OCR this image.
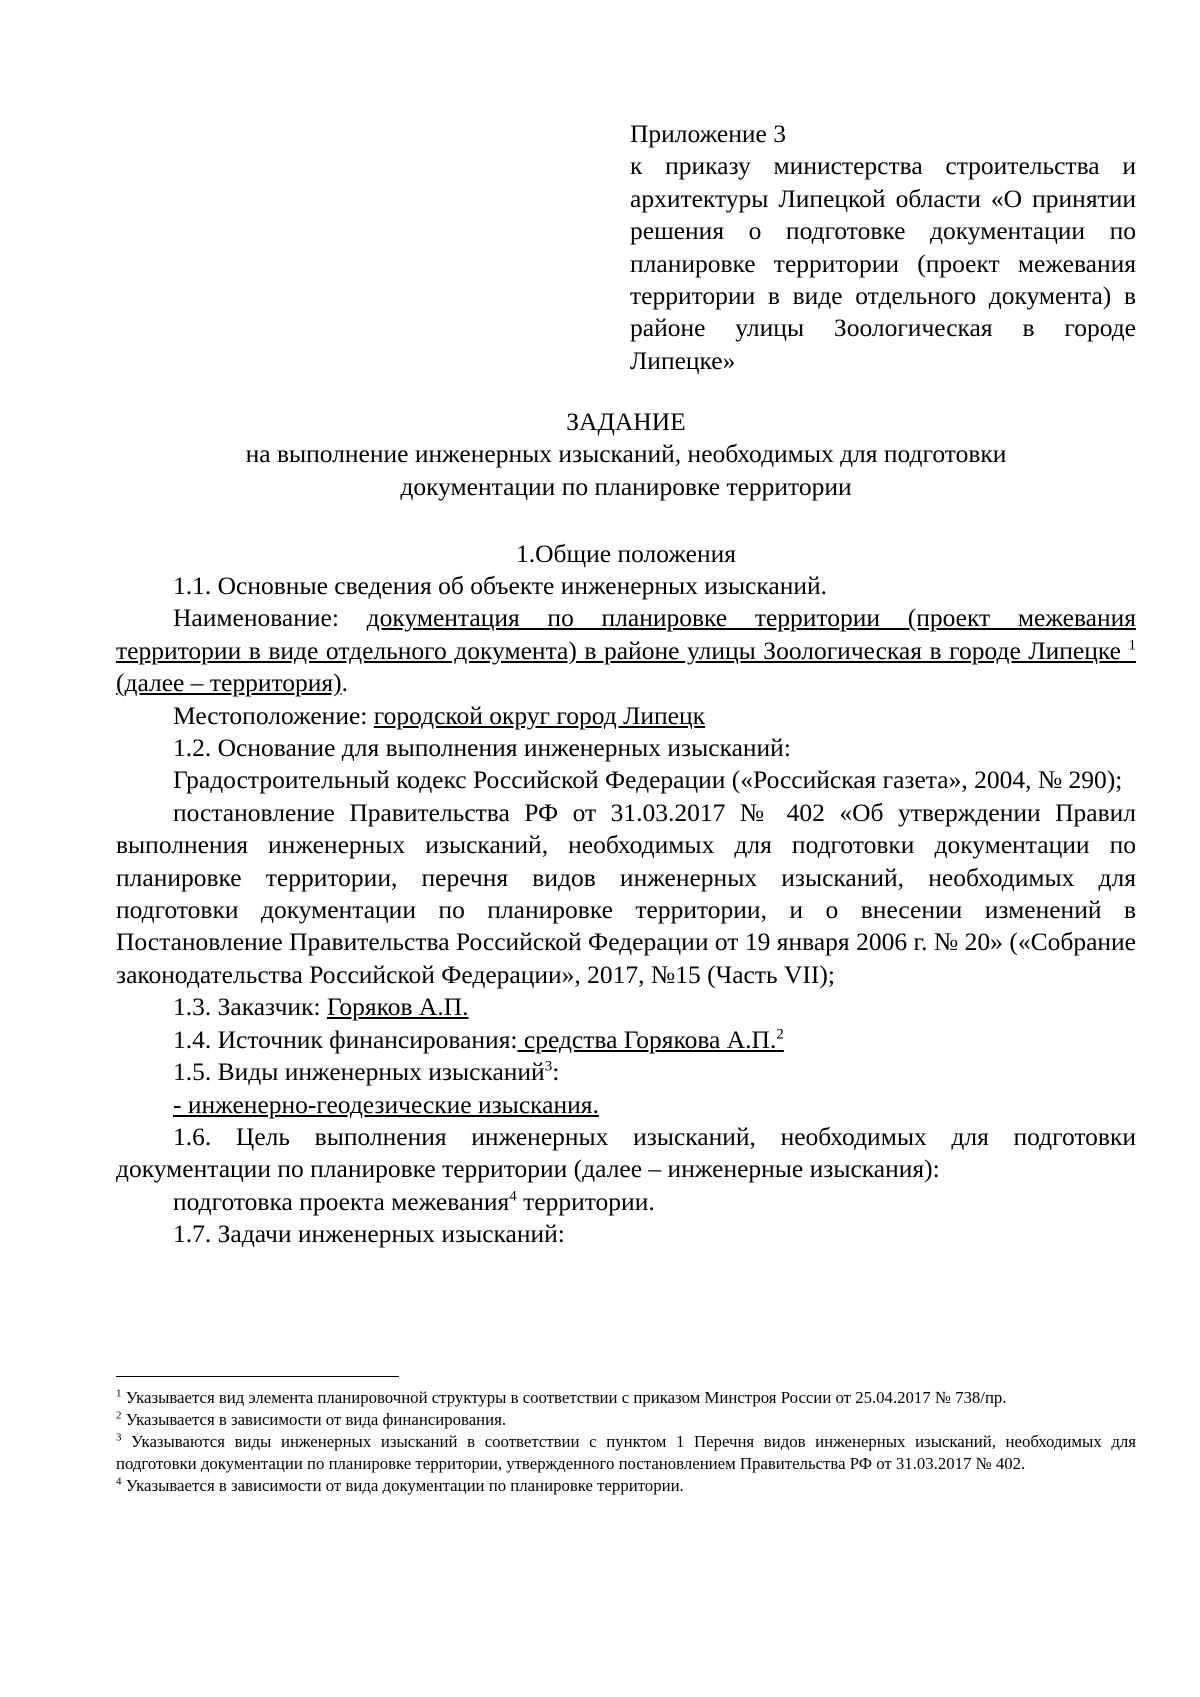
Приложение 3
к приказу министерства строительства и архитектуры Липецкой области «О принятии решения о подготовке документации по планировке территории (проект межевания территории в виде отдельного документа) в районе улицы Зоологическая в городе Липецке»
ЗАДАНИЕ
на выполнение инженерных изысканий, необходимых для подготовки
документации по планировке территории
1.Общие положения

1.1. Основные сведения об объекте инженерных изысканий.

Наименование: документация по планировке территории (проект межевания территории в виде отдельного документа) в районе улицы Зоологическая в городе Липецке $^1$ (далее – территория).

Местоположение: городской округ город Липецк

1.2. Основание для выполнения инженерных изысканий:

Градостроительный кодекс Российской Федерации («Российская газета», 2004, № 290);

постановление Правительства РФ от 31.03.2017 № 402 «Об утверждении Правил выполнения инженерных изысканий, необходимых для подготовки документации по планировке территории, перечня видов инженерных изысканий, необходимых для подготовки документации по планировке территории, и о внесении изменений в Постановление Правительства Российской Федерации от 19 января 2006 г. № 20» («Собрание законодательства Российской Федерации», 2017, №15 (Часть VII);

1.3. Заказчик: Горяков А.П.

1.4. Источник финансирования: средства Горякова А.П.$^2$

1.5. Виды инженерных изысканий$^3$:

- инженерно-геодезические изыскания.

1.6. Цель выполнения инженерных изысканий, необходимых для подготовки документации по планировке территории (далее – инженерные изыскания):

подготовка проекта межевания$^4$ территории.

1.7. Задачи инженерных изысканий:

$^1$ Указывается вид элемента планировочной структуры в соответствии с приказом Минстроя России от 25.04.2017 № 738/пр.

$^2$ Указывается в зависимости от вида финансирования.

$^3$ Указываются виды инженерных изысканий в соответствии с пунктом 1 Перечня видов инженерных изысканий, необходимых для подготовки документации по планировке территории, утвержденного постановлением Правительства РФ от 31.03.2017 № 402.

$^4$ Указывается в зависимости от вида документации по планировке территории.
